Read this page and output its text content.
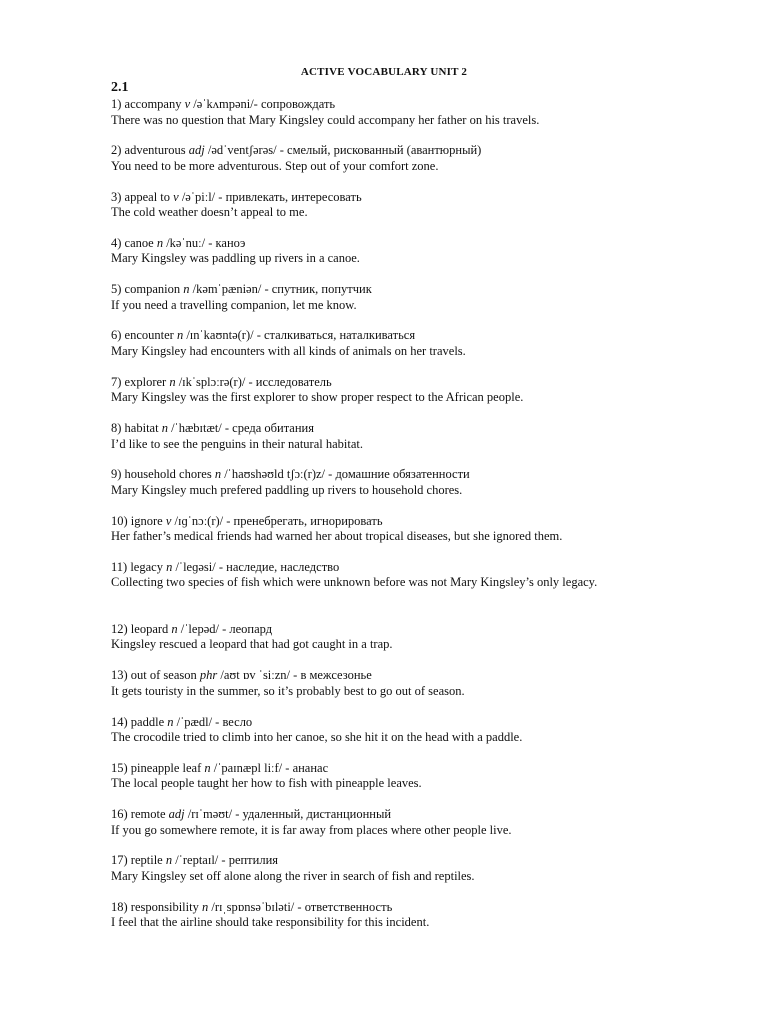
ACTIVE VOCABULARY UNIT 2
2.1
1) accompany v /əˈkʌmpəni/- сопровождать
There was no question that Mary Kingsley could accompany her father on his travels.
2) adventurous adj /ədˈventʃərəs/ - смелый, рискованный (авантюрный)
You need to be more adventurous. Step out of your comfort zone.
3) appeal to v /əˈpiːl/ - привлекать, интересовать
The cold weather doesn’t appeal to me.
4) canoe n /kəˈnuː/ - каноэ
Mary Kingsley was paddling up rivers in a canoe.
5) companion n /kəmˈpæniən/ - спутник, попутчик
If you need a travelling companion, let me know.
6) encounter n /ɪnˈkaʊntə(r)/ - сталкиваться, наталкиваться
Mary Kingsley had encounters with all kinds of animals on her travels.
7) explorer n /ɪkˈsplɔːrə(r)/ - исследователь
Mary Kingsley was the first explorer to show proper respect to the African people.
8) habitat n /ˈhæbɪtæt/ - среда обитания
I’d like to see the penguins in their natural habitat.
9) household chores n /ˈhaʊshəʊld tʃɔː(r)z/ - домашние обязатенности
Mary Kingsley much prefered paddling up rivers to household chores.
10) ignore v /ɪɡˈnɔː(r)/ - пренебрегать, игнорировать
Her father’s medical friends had warned her about tropical diseases, but she ignored them.
11) legacy n /ˈleɡəsi/ - наследие, наследство
Collecting two species of fish which were unknown before was not Mary Kingsley’s only legacy.
12) leopard n /ˈlepəd/ - леопард
Kingsley rescued a leopard that had got caught in a trap.
13) out of season phr /aʊt ɒv ˈsiːzn/ - в межсезонье
It gets touristy in the summer, so it’s probably best to go out of season.
14) paddle n /ˈpædl/ - весло
The crocodile tried to climb into her canoe, so she hit it on the head with a paddle.
15) pineapple leaf n /ˈpaɪnæpl liːf/ - ананас
The local people taught her how to fish with pineapple leaves.
16) remote adj /rɪˈməʊt/ - удаленный, дистанционный
If you go somewhere remote, it is far away from places where other people live.
17) reptile n /ˈreptaɪl/ - рептилия
Mary Kingsley set off alone along the river in search of fish and reptiles.
18) responsibility n /rɪˌspɒnsəˈbɪləti/ - ответственность
I feel that the airline should take responsibility for this incident.
